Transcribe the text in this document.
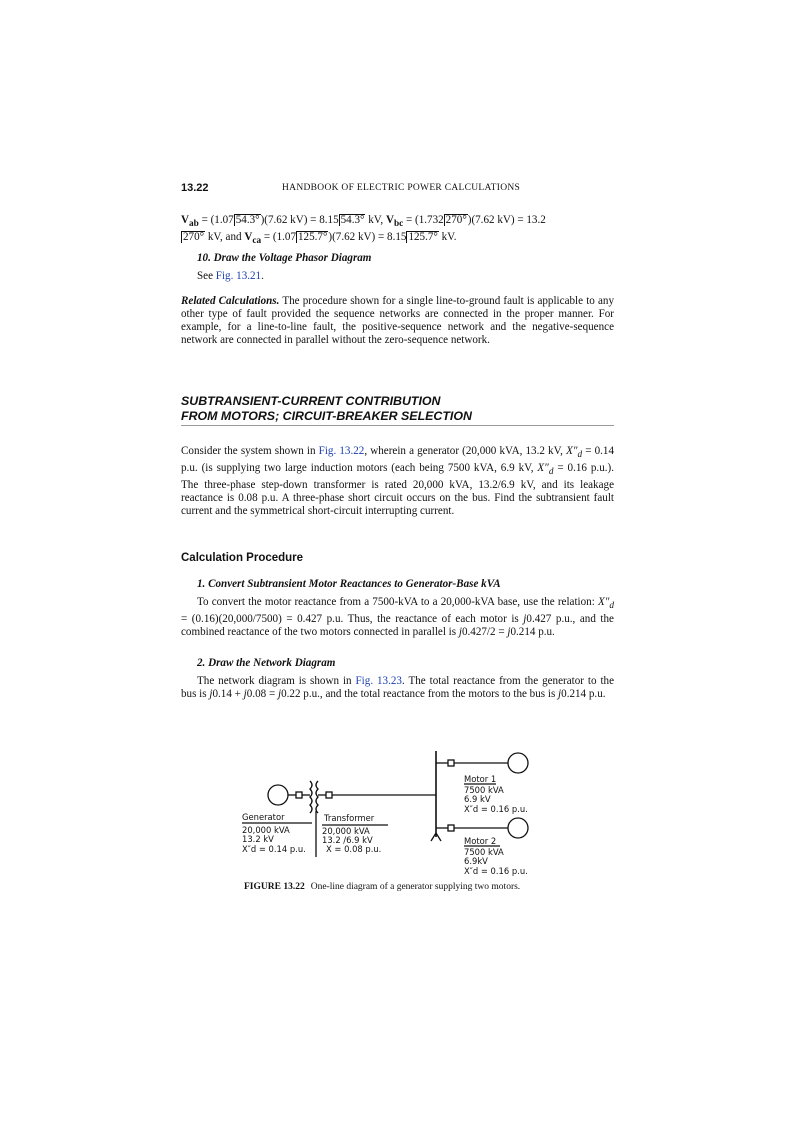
13.22	HANDBOOK OF ELECTRIC POWER CALCULATIONS
$V_{ab} = (1.07$ 54.3°)(7.62 kV) = 8.15 54.3° kV, $V_{bc} = (1.732$ 270°)(7.62 kV) = 13.2
270° kV, and $V_{ca} = (1.07$ 125.7°)(7.62 kV) = 8.15 125.7° kV.
10. Draw the Voltage Phasor Diagram
See Fig. 13.21.
Related Calculations. The procedure shown for a single line-to-ground fault is applicable to any other type of fault provided the sequence networks are connected in the proper manner. For example, for a line-to-line fault, the positive-sequence network and the negative-sequence network are connected in parallel without the zero-sequence network.
SUBTRANSIENT-CURRENT CONTRIBUTION
FROM MOTORS; CIRCUIT-BREAKER SELECTION
Consider the system shown in Fig. 13.22, wherein a generator (20,000 kVA, 13.2 kV, $X''_d = 0.14$ p.u. (is supplying two large induction motors (each being 7500 kVA, 6.9 kV, $X''_d = 0.16$ p.u.). The three-phase step-down transformer is rated 20,000 kVA, 13.2/6.9 kV, and its leakage reactance is 0.08 p.u. A three-phase short circuit occurs on the bus. Find the subtransient fault current and the symmetrical short-circuit interrupting current.
Calculation Procedure
1. Convert Subtransient Motor Reactances to Generator-Base kVA
To convert the motor reactance from a 7500-kVA to a 20,000-kVA base, use the relation: $X''_d = (0.16)(20,000/7500) = 0.427$ p.u. Thus, the reactance of each motor is j0.427 p.u., and the combined reactance of the two motors connected in parallel is j0.427/2 = j0.214 p.u.
2. Draw the Network Diagram
The network diagram is shown in Fig. 13.23. The total reactance from the generator to the bus is j0.14 + j0.08 = j0.22 p.u., and the total reactance from the motors to the bus is j0.214 p.u.
Generator
20,000 kVA
13.2 kV
X″d = 0.14 p.u.
Transformer
20,000 kVA
13.2 /6.9 kV
X = 0.08 p.u.
Motor 1
7500 kVA
6.9 kV
X″d = 0.16 p.u.
Motor 2
7500 kVA
6.9kV
X″d = 0.16 p.u.
FIGURE 13.22 One-line diagram of a generator supplying two motors.
